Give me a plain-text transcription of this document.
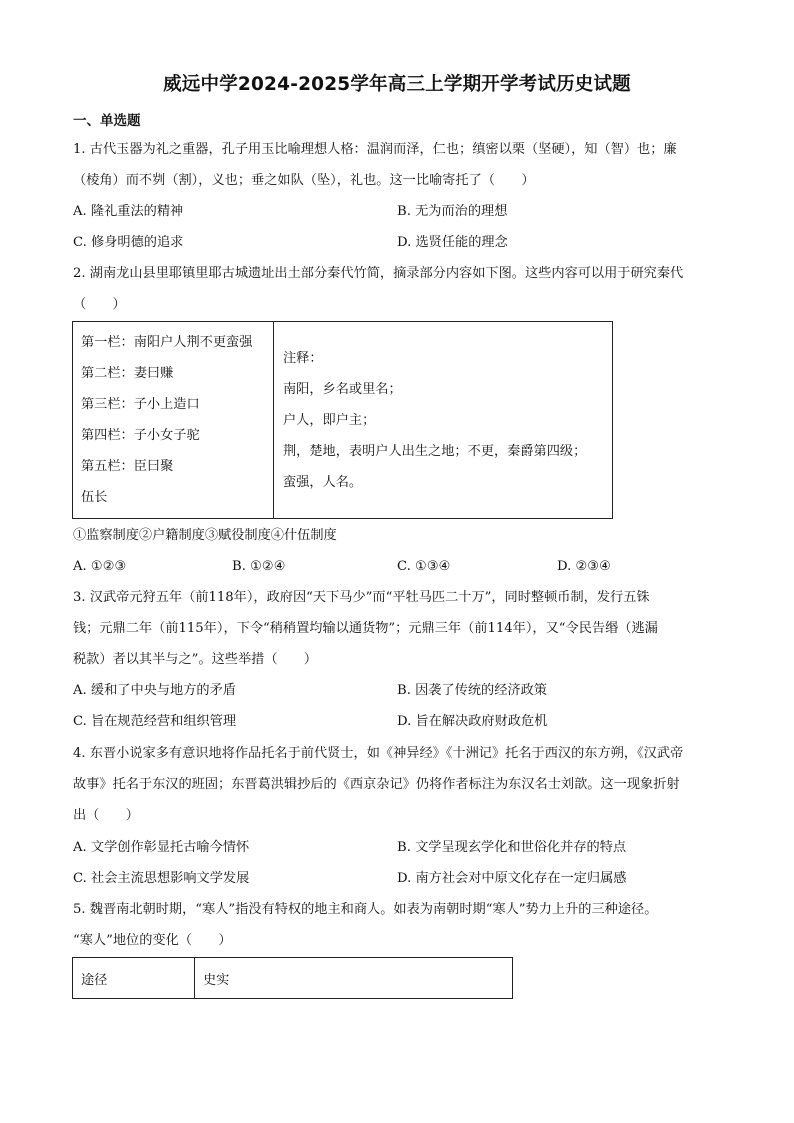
威远中学2024-2025学年高三上学期开学考试历史试题
一、单选题
1. 古代玉器为礼之重器，孔子用玉比喻理想人格：温润而泽，仁也；缜密以栗（坚硬），知（智）也；廉
（棱角）而不刿（割），义也；垂之如队（坠），礼也。这一比喻寄托了（　　）
A. 隆礼重法的精神	B. 无为而治的理想
C. 修身明德的追求	D. 选贤任能的理念
2. 湖南龙山县里耶镇里耶古城遗址出土部分秦代竹简，摘录部分内容如下图。这些内容可以用于研究秦代
（　　）
第一栏：南阳户人荆不更蛮强
第二栏：妻曰赚
第三栏：子小上造口
第四栏：子小女子驼
第五栏：臣曰聚
伍长

注释：
南阳，乡名或里名；
户人，即户主；
荆，楚地，表明户人出生之地；不更，秦爵第四级；
蛮强，人名。
①监察制度②户籍制度③赋役制度④什伍制度
A. ①②③	B. ①②④	C. ①③④	D. ②③④
3. 汉武帝元狩五年（前118年），政府因“天下马少”而“平牡马匹二十万”，同时整顿币制，发行五铢
钱；元鼎二年（前115年），下令“稍稍置均输以通货物”；元鼎三年（前114年），又“令民告缗（逃漏
税款）者以其半与之”。这些举措（　　）
A. 缓和了中央与地方的矛盾	B. 因袭了传统的经济政策
C. 旨在规范经营和组织管理	D. 旨在解决政府财政危机
4. 东晋小说家多有意识地将作品托名于前代贤士，如《神异经》《十洲记》托名于西汉的东方朔，《汉武帝
故事》托名于东汉的班固；东晋葛洪辑抄后的《西京杂记》仍将作者标注为东汉名士刘歆。这一现象折射
出（　　）
A. 文学创作彰显托古喻今情怀	B. 文学呈现玄学化和世俗化并存的特点
C. 社会主流思想影响文学发展	D. 南方社会对中原文化存在一定归属感
5. 魏晋南北朝时期，“寒人”指没有特权的地主和商人。如表为南朝时期“寒人”势力上升的三种途径。
“寒人”地位的变化（　　）
途径	史实
